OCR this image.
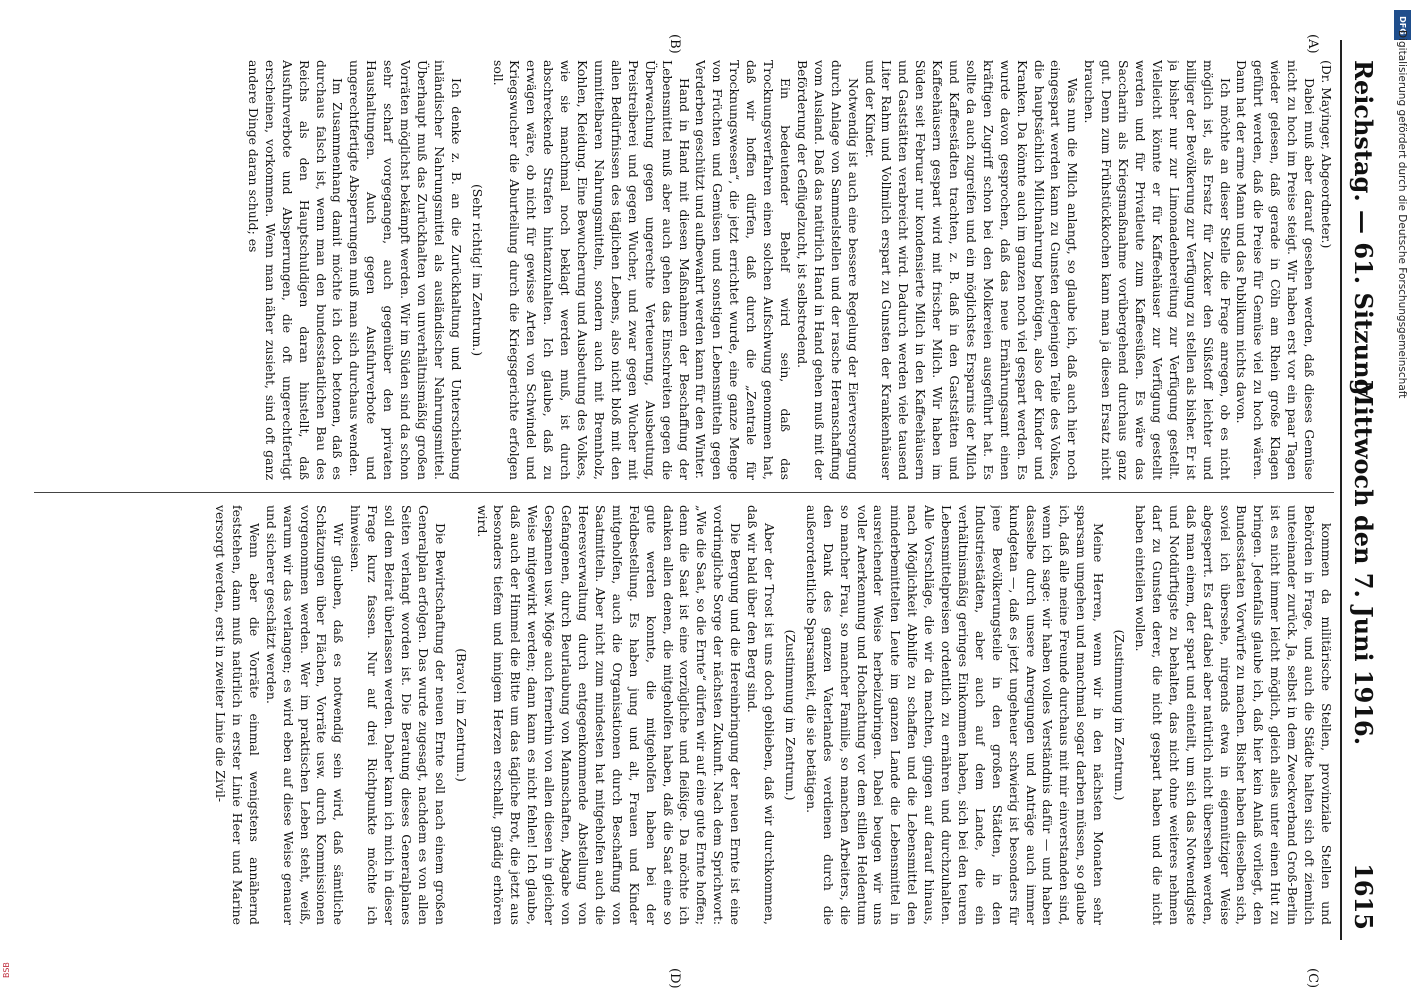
Reichstag. — 61. Sitzung.
Mittwoch den 7. Juni 1916.
1615
(A)
(B)
(C)
(D)

(Dr. Mayinger, Abgeordneter.)

Dabei muß aber darauf gesehen werden, daß dieses Gemüse nicht zu hoch im Preise steigt. Wir haben erst vor ein paar Tagen wieder gelesen, daß gerade in Cöln am Rhein große Klagen geführt werden, daß die Preise für Gemüse viel zu hoch wären. Dann hat der arme Mann und das Publikum nichts davon.

Ich möchte an dieser Stelle die Frage anregen, ob es nicht möglich ist, als Ersatz für Zucker den Süßstoff leichter und billiger der Bevölkerung zur Verfügung zu stellen als bisher. Er ist ja bisher nur zur Limonadenbereitung zur Verfügung gestellt. Vielleicht könnte er für Kaffeehäuser zur Verfügung gestellt werden und für Privatleute zum Kaffeesüßen. Es wäre das Saccharin als Kriegsmaßnahme vorübergehend durchaus ganz gut. Denn zum Frühstückkochen kann man ja diesen Ersatz nicht brauchen.

Was nun die Milch anlangt, so glaube ich, daß auch hier noch eingespart werden kann zu Gunsten derjenigen Teile des Volkes, die hauptsächlich Milchnahrung benötigen, also der Kinder und Kranken. Da könnte auch im ganzen noch viel gespart werden. Es wurde davon gesprochen, daß das neue Ernährungsamt einen kräftigen Zugriff schon bei den Molkereien ausgeführt hat. Es sollte da auch zugreifen und ein möglichstes Ersparnis der Milch und Kaffeestädten trachten, z. B. daß in den Gaststätten und Kaffeehäusern gespart wird mit frischer Milch. Wir haben im Süden seit Februar nur kondensierte Milch in den Kaffeehäusern und Gaststätten verabreicht wird. Dadurch werden viele tausend Liter Rahm und Vollmilch erspart zu Gunsten der Krankenhäuser und der Kinder.

Notwendig ist auch eine bessere Regelung der Eierversorgung durch Anlage von Sammelstellen und der rasche Heranschaffung vom Ausland. Daß das natürlich Hand in Hand gehen muß mit der Beförderung der Geflügelzucht, ist selbstredend.

Ein bedeutender Behelf wird sein, daß das Trocknungsverfahren einen solchen Aufschwung genommen hat, daß wir hoffen dürfen, daß durch die „Zentrale für Trocknungswesen“, die jetzt errichtet wurde, eine ganze Menge von Früchten und Gemüsen und sonstigen Lebensmitteln gegen Verderben geschützt und aufbewahrt werden kann für den Winter.

Hand in Hand mit diesen Maßnahmen der Beschaffung der Lebensmittel muß aber auch gehen das Einschreiten gegen die Überwachung gegen ungerechte Verteuerung, Ausbeutung, Preistreiberei und gegen Wucher, und zwar gegen Wucher mit allen Bedürfnissen des täglichen Lebens, also nicht bloß mit den unmittelbaren Nahrungsmitteln, sondern auch mit Brennholz, Kohlen, Kleidung. Eine Bewucherung und Ausbeutung des Volkes, wie sie manchmal noch beklagt werden muß, ist durch abschreckende Strafen hintanzuhalten. Ich glaube, daß zu erwägen wäre, ob nicht für gewisse Arten von Schwindel und Kriegswucher die Aburteilung durch die Kriegsgerichte erfolgen soll.

(Sehr richtig! im Zentrum.)

Ich denke z. B. an die Zurückhaltung und Unterschiebung inländischer Nahrungsmittel als ausländischer Nahrungsmittel. Überhaupt muß das Zurückhalten von unverhältnismäßig großen Vorräten möglichst bekämpft werden. Wir im Süden sind da schon sehr scharf vorgegangen, auch gegenüber den privaten Haushaltungen. Auch gegen Ausfuhrverbote und ungerechtfertigte Absperrungen muß man sich durchaus wenden.

Im Zusammenhang damit möchte ich doch betonen, daß es durchaus falsch ist, wenn man den bundesstaatlichen Bau des Reichs als den Hauptschuldigen daran hinstellt, daß Ausfuhrverbote und Absperrungen, die oft ungerechtfertigt erscheinen, vorkommen. Wenn man näher zusieht, sind oft ganz andere Dinge daran schuld; es

kommen da militärische Stellen, provinziale Stellen und Behörden in Frage, und auch die Städte halten sich oft ziemlich unteeinander zurück. Ja, selbst in dem Zweckverband Groß-Berlin ist es nicht immer leicht möglich, gleich alles unter einen Hut zu bringen. Jedenfalls glaube ich, daß hier kein Anlaß vorliegt, den Bundesstaaten Vorwürfe zu machen. Bisher haben dieselben sich, soviel ich übersehe, nirgends etwa in eigennütziger Weise abgesperrt. Es darf dabei aber natürlich nicht übersehen werden, daß man einem, der spart und einteilt, um sich das Notwendigste und Notdürftigste zu behalten, das nicht ohne weiteres nehmen darf zu Gunsten derer, die nicht gespart haben und die nicht haben einteilen wollen.

(Zustimmung im Zentrum.)

Meine Herren, wenn wir in den nächsten Monaten sehr sparsam umgehen und manchmal sogar darben müssen, so glaube ich, daß alle meine Freunde durchaus mit mir einverstanden sind, wenn ich sage: wir haben volles Verständnis dafür — und haben dasselbe durch unsere Anregungen und Anträge auch immer kundgetan —, daß es jetzt ungeheuer schwierig ist besonders für jene Bevölkerungsteile in den großen Städten, in den Industriestädten, aber auch auf dem Lande, die ein verhältnismäßig geringes Einkommen haben, sich bei den teuren Lebensmittelpreisen ordentlich zu ernähren und durchzuhalten. Alle Vorschläge, die wir da machten, gingen auf darauf hinaus, nach Möglichkeit Abhilfe zu schaffen und die Lebensmittel den minderbemittelten Leute im ganzen Lande die Lebensmittel in ausreichender Weise herbeizubringen. Dabei beugen wir uns voller Anerkennung und Hochachtung vor dem stillen Heldentum so mancher Frau, so mancher Familie, so manchen Arbeiters, die den Dank des ganzen Vaterlandes verdienen durch die außerordentliche Sparsamkeit, die sie betätigen.

(Zustimmung im Zentrum.)

Aber der Trost ist uns doch geblieben, daß wir durchkommen, daß wir bald über den Berg sind.

Die Bergung und die Hereinbringung der neuen Ernte ist eine vordringliche Sorge der nächsten Zukunft. Nach dem Sprichwort: „Wie die Saat, so die Ernte“ dürfen wir auf eine gute Ernte hoffen; denn die Saat ist eine vorzügliche und fleißige. Da möchte ich danken allen denen, die mitgeholfen haben, daß die Saat eine so gute werden konnte, die mitgeholfen haben bei der Feldbestellung. Es haben jung und alt, Frauen und Kinder mitgeholfen, auch die Organisationen durch Beschaffung von Saatmitteln. Aber nicht zum mindesten hat mitgeholfen auch die Heeresverwaltung durch entgegenkommende Abstellung von Gefangenen, durch Beurlaubung von Mannschaften, Abgabe von Gespannen usw. Möge auch fernerhin von allen diesen in gleicher Weise mitgewirkt werden; dann kann es nicht fehlen! Ich glaube, daß auch der Himmel die Bitte um das tägliche Brot, die jetzt aus besonders tiefem und innigem Herzen erschallt, gnädig erhören wird.

(Bravo! im Zentrum.)

Die Bewirtschaftung der neuen Ernte soll nach einem großen Generalplan erfolgen. Das wurde zugesagt, nachdem es von allen Seiten verlangt worden ist. Die Beratung dieses Generalplanes soll dem Beirat überlassen werden. Daher kann ich mich in dieser Frage kurz fassen. Nur auf drei Richtpunkte möchte ich hinweisen.

Wir glauben, daß es notwendig sein wird, daß sämtliche Schätzungen über Flächen, Vorräte usw. durch Kommissionen vorgenommen werden. Wer im praktischen Leben steht, weiß, warum wir das verlangen; es wird eben auf diese Weise genauer und sicherer geschätzt werden.

Wenn aber die Vorräte einmal wenigstens annähernd feststehen, dann muß natürlich in erster Linie Heer und Marine versorgt werden, erst in zweiter Linie die Zivil-

DFG
Digitalisierung gefördert durch die Deutsche Forschungsgemeinschaft
BSB
